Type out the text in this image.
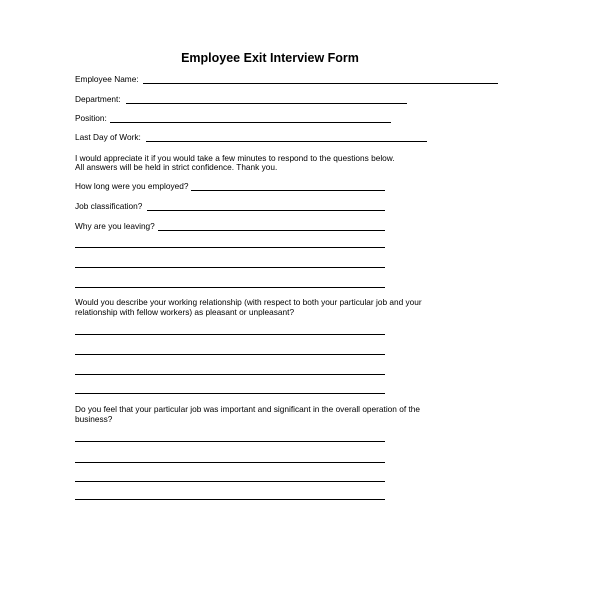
Employee Exit Interview Form
Employee Name:
Department:
Position:
Last Day of Work:
I would appreciate it if you would take a few minutes to respond to the questions below.
All answers will be held in strict confidence. Thank you.
How long were you employed?
Job classification?
Why are you leaving?
Would you describe your working relationship (with respect to both your particular job and your
relationship with fellow workers) as pleasant or unpleasant?
Do you feel that your particular job was important and significant in the overall operation of the
business?
